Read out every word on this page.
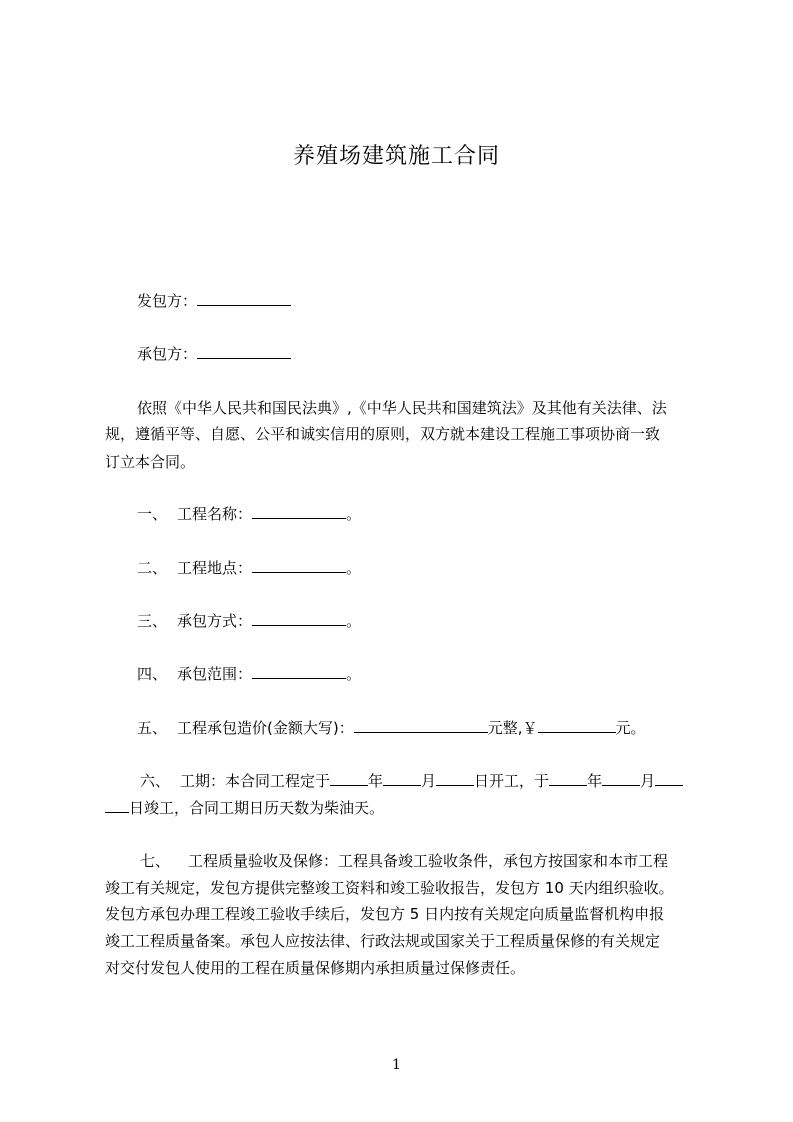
养殖场建筑施工合同
发包方：
承包方：
依照《中华人民共和国民法典》,《中华人民共和国建筑法》及其他有关法律、法
规，遵循平等、自愿、公平和诚实信用的原则，双方就本建设工程施工事项协商一致
订立本合同。
一、 工程名称：	。
二、 工程地点：	。
三、 承包方式：	。
四、 承包范围：	。
五、 工程承包造价(金额大写)：	元整,￥	元。
六、 工期：本合同工程定于	年	月	日开工，于	年	月
日竣工，合同工期日历天数为柴油天。
七、 工程质量验收及保修：工程具备竣工验收条件，承包方按国家和本市工程
竣工有关规定，发包方提供完整竣工资料和竣工验收报告，发包方 10 天内组织验收。
发包方承包办理工程竣工验收手续后，发包方 5 日内按有关规定向质量监督机构申报
竣工工程质量备案。承包人应按法律、行政法规或国家关于工程质量保修的有关规定
对交付发包人使用的工程在质量保修期内承担质量过保修责任。
1
